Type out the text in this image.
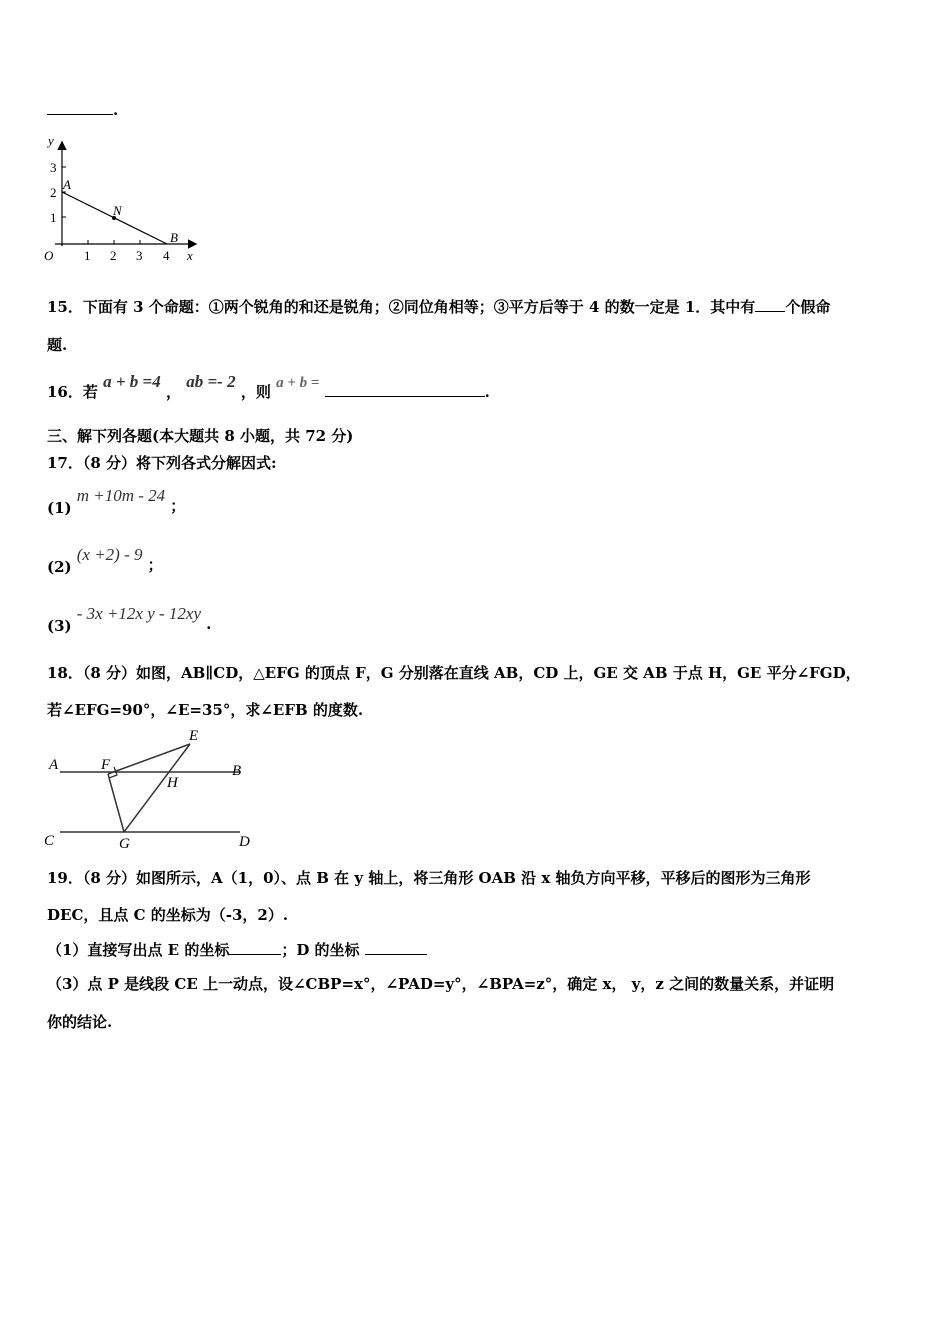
.
y
x
O
1
2
3
1 2 3 4
A
N
B
15．下面有 3 个命题：①两个锐角的和还是锐角；②同位角相等；③平方后等于 4 的数一定是 1．其中有 个假命
题.
16．若 a + b =4 ， ab =- 2 ，则 a + b =	.
三、解下列各题(本大题共 8 小题，共 72 分)
17．（8 分）将下列各式分解因式:
(1) m +10m - 24 ；
(2) (x +2) - 9 ；
(3) - 3x +12x y - 12xy .
18．（8 分）如图，AB∥CD，△EFG 的顶点 F，G 分别落在直线 AB，CD 上，GE 交 AB 于点 H，GE 平分∠FGD，
若∠EFG=90°，∠E=35°，求∠EFB 的度数.
A	B
C	D
E
F
G
H
19．（8 分）如图所示，A（1，0）、点 B 在 y 轴上，将三角形 OAB 沿 x 轴负方向平移，平移后的图形为三角形
DEC，且点 C 的坐标为（-3，2）.
（1）直接写出点 E 的坐标	；D 的坐标
（3）点 P 是线段 CE 上一动点，设∠CBP=x°，∠PAD=y°，∠BPA=z°，确定 x， y，z 之间的数量关系，并证明
你的结论.
